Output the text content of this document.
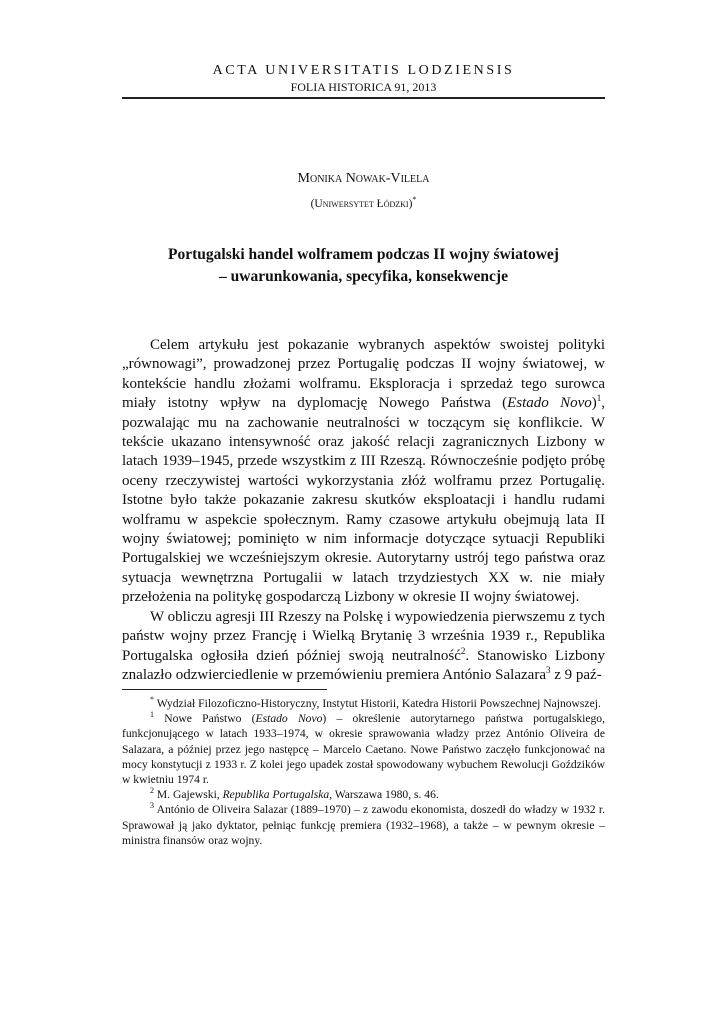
ACTA UNIVERSITATIS LODZIENSIS
FOLIA HISTORICA 91, 2013
Monika Nowak-Vilela
(Uniwersytet Łódzki)*
Portugalski handel wolframem podczas II wojny światowej
– uwarunkowania, specyfika, konsekwencje

Celem artykułu jest pokazanie wybranych aspektów swoistej polityki „równowagi”, prowadzonej przez Portugalię podczas II wojny światowej, w kontekście handlu złożami wolframu. Eksploracja i sprzedaż tego surowca miały istotny wpływ na dyplomację Nowego Państwa (Estado Novo)$^1$, pozwalając mu na zachowanie neutralności w toczącym się konflikcie. W tekście ukazano intensywność oraz jakość relacji zagranicznych Lizbony w latach 1939–1945, przede wszystkim z III Rzeszą. Równocześnie podjęto próbę oceny rzeczywistej wartości wykorzystania złóż wolframu przez Portugalię. Istotne było także pokazanie zakresu skutków eksploatacji i handlu rudami wolframu w aspekcie społecznym. Ramy czasowe artykułu obejmują lata II wojny światowej; pominięto w nim informacje dotyczące sytuacji Republiki Portugalskiej we wcześniejszym okresie. Autorytarny ustrój tego państwa oraz sytuacja wewnętrzna Portugalii w latach trzydziestych XX w. nie miały przełożenia na politykę gospodarczą Lizbony w okresie II wojny światowej.

W obliczu agresji III Rzeszy na Polskę i wypowiedzenia pierwszemu z tych państw wojny przez Francję i Wielką Brytanię 3 września 1939 r., Republika Portugalska ogłosiła dzień później swoją neutralność$^2$. Stanowisko Lizbony znalazło odzwierciedlenie w przemówieniu premiera António Salazara$^3$ z 9 paź-

* Wydział Filozoficzno-Historyczny, Instytut Historii, Katedra Historii Powszechnej Najnowszej.

$^1$ Nowe Państwo (Estado Novo) – określenie autorytarnego państwa portugalskiego, funkcjonującego w latach 1933–1974, w okresie sprawowania władzy przez António Oliveira de Salazara, a później przez jego następcę – Marcelo Caetano. Nowe Państwo zaczęło funkcjonować na mocy konstytucji z 1933 r. Z kolei jego upadek został spowodowany wybuchem Rewolucji Goździków w kwietniu 1974 r.

$^2$ M. Gajewski, Republika Portugalska, Warszawa 1980, s. 46.

$^3$ António de Oliveira Salazar (1889–1970) – z zawodu ekonomista, doszedł do władzy w 1932 r. Sprawował ją jako dyktator, pełniąc funkcję premiera (1932–1968), a także – w pewnym okresie – ministra finansów oraz wojny.
